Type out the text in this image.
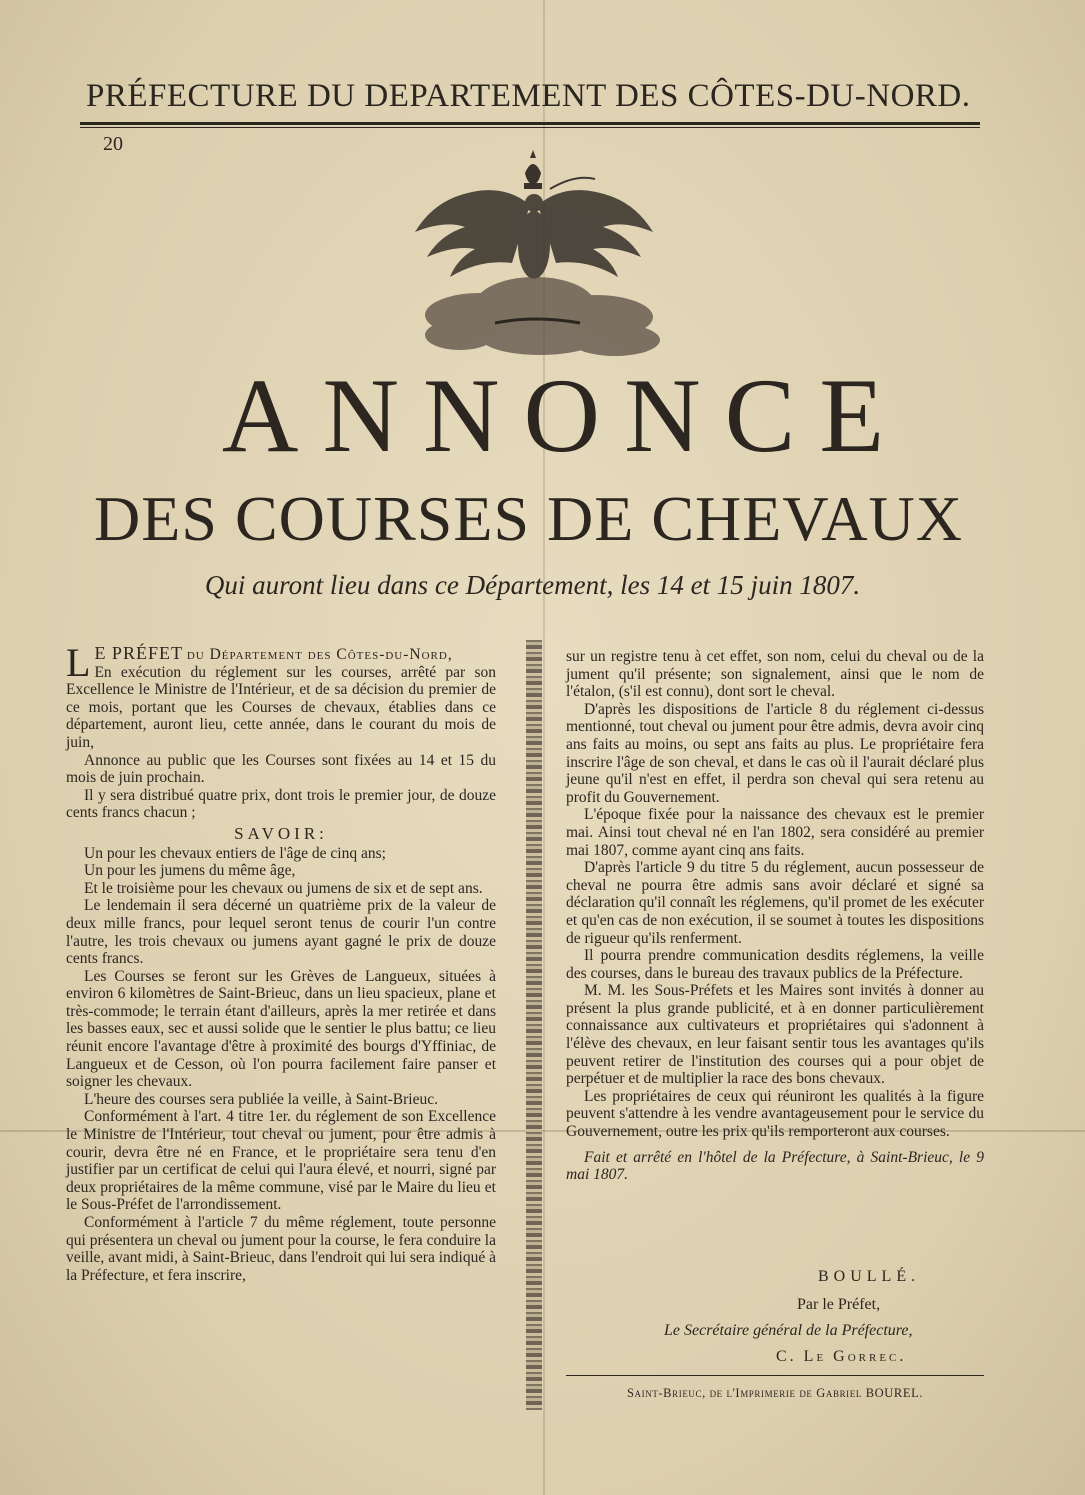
PRÉFECTURE DU DEPARTEMENT DES CÔTES-DU-NORD.
20
ANNONCE
DES COURSES DE CHEVAUX
Qui auront lieu dans ce Département, les 14 et 15 juin 1807.

L E PRÉFET du Département des Côtes-du-Nord,

En exécution du réglement sur les courses, arrêté par son Excellence le Ministre de l'Intérieur, et de sa décision du premier de ce mois, portant que les Courses de chevaux, établies dans ce département, auront lieu, cette année, dans le courant du mois de juin,

Annonce au public que les Courses sont fixées au 14 et 15 du mois de juin prochain.

Il y sera distribué quatre prix, dont trois le premier jour, de douze cents francs chacun ;

SAVOIR:

Un pour les chevaux entiers de l'âge de cinq ans;

Un pour les jumens du même âge,

Et le troisième pour les chevaux ou jumens de six et de sept ans.

Le lendemain il sera décerné un quatrième prix de la valeur de deux mille francs, pour lequel seront tenus de courir l'un contre l'autre, les trois chevaux ou jumens ayant gagné le prix de douze cents francs.

Les Courses se feront sur les Grèves de Langueux, situées à environ 6 kilomètres de Saint-Brieuc, dans un lieu spacieux, plane et très-commode; le terrain étant d'ailleurs, après la mer retirée et dans les basses eaux, sec et aussi solide que le sentier le plus battu; ce lieu réunit encore l'avantage d'être à proximité des bourgs d'Yffiniac, de Langueux et de Cesson, où l'on pourra facilement faire panser et soigner les chevaux.

L'heure des courses sera publiée la veille, à Saint-Brieuc.

Conformément à l'art. 4 titre 1er. du réglement de son Excellence le Ministre de l'Intérieur, tout cheval ou jument, pour être admis à courir, devra être né en France, et le propriétaire sera tenu d'en justifier par un certificat de celui qui l'aura élevé, et nourri, signé par deux propriétaires de la même commune, visé par le Maire du lieu et le Sous-Préfet de l'arrondissement.

Conformément à l'article 7 du même réglement, toute personne qui présentera un cheval ou jument pour la course, le fera conduire la veille, avant midi, à Saint-Brieuc, dans l'endroit qui lui sera indiqué à la Préfecture, et fera inscrire,

sur un registre tenu à cet effet, son nom, celui du cheval ou de la jument qu'il présente; son signalement, ainsi que le nom de l'étalon, (s'il est connu), dont sort le cheval.

D'après les dispositions de l'article 8 du réglement ci-dessus mentionné, tout cheval ou jument pour être admis, devra avoir cinq ans faits au moins, ou sept ans faits au plus. Le propriétaire fera inscrire l'âge de son cheval, et dans le cas où il l'aurait déclaré plus jeune qu'il n'est en effet, il perdra son cheval qui sera retenu au profit du Gouvernement.

L'époque fixée pour la naissance des chevaux est le premier mai. Ainsi tout cheval né en l'an 1802, sera considéré au premier mai 1807, comme ayant cinq ans faits.

D'après l'article 9 du titre 5 du réglement, aucun possesseur de cheval ne pourra être admis sans avoir déclaré et signé sa déclaration qu'il connaît les réglemens, qu'il promet de les exécuter et qu'en cas de non exécution, il se soumet à toutes les dispositions de rigueur qu'ils renferment.

Il pourra prendre communication desdits réglemens, la veille des courses, dans le bureau des travaux publics de la Préfecture.

M. M. les Sous-Préfets et les Maires sont invités à donner au présent la plus grande publicité, et à en donner particulièrement connaissance aux cultivateurs et propriétaires qui s'adonnent à l'élève des chevaux, en leur faisant sentir tous les avantages qu'ils peuvent retirer de l'institution des courses qui a pour objet de perpétuer et de multiplier la race des bons chevaux.

Les propriétaires de ceux qui réuniront les qualités à la figure peuvent s'attendre à les vendre avantageusement pour le service du Gouvernement, outre les prix qu'ils remporteront aux courses.

Fait et arrêté en l'hôtel de la Préfecture, à Saint-Brieuc, le 9 mai 1807.

BOULLÉ.
Par le Préfet,
Le Secrétaire général de la Préfecture,
C. Le Gorrec.
Saint-Brieuc, de l'Imprimerie de Gabriel BOUREL.
